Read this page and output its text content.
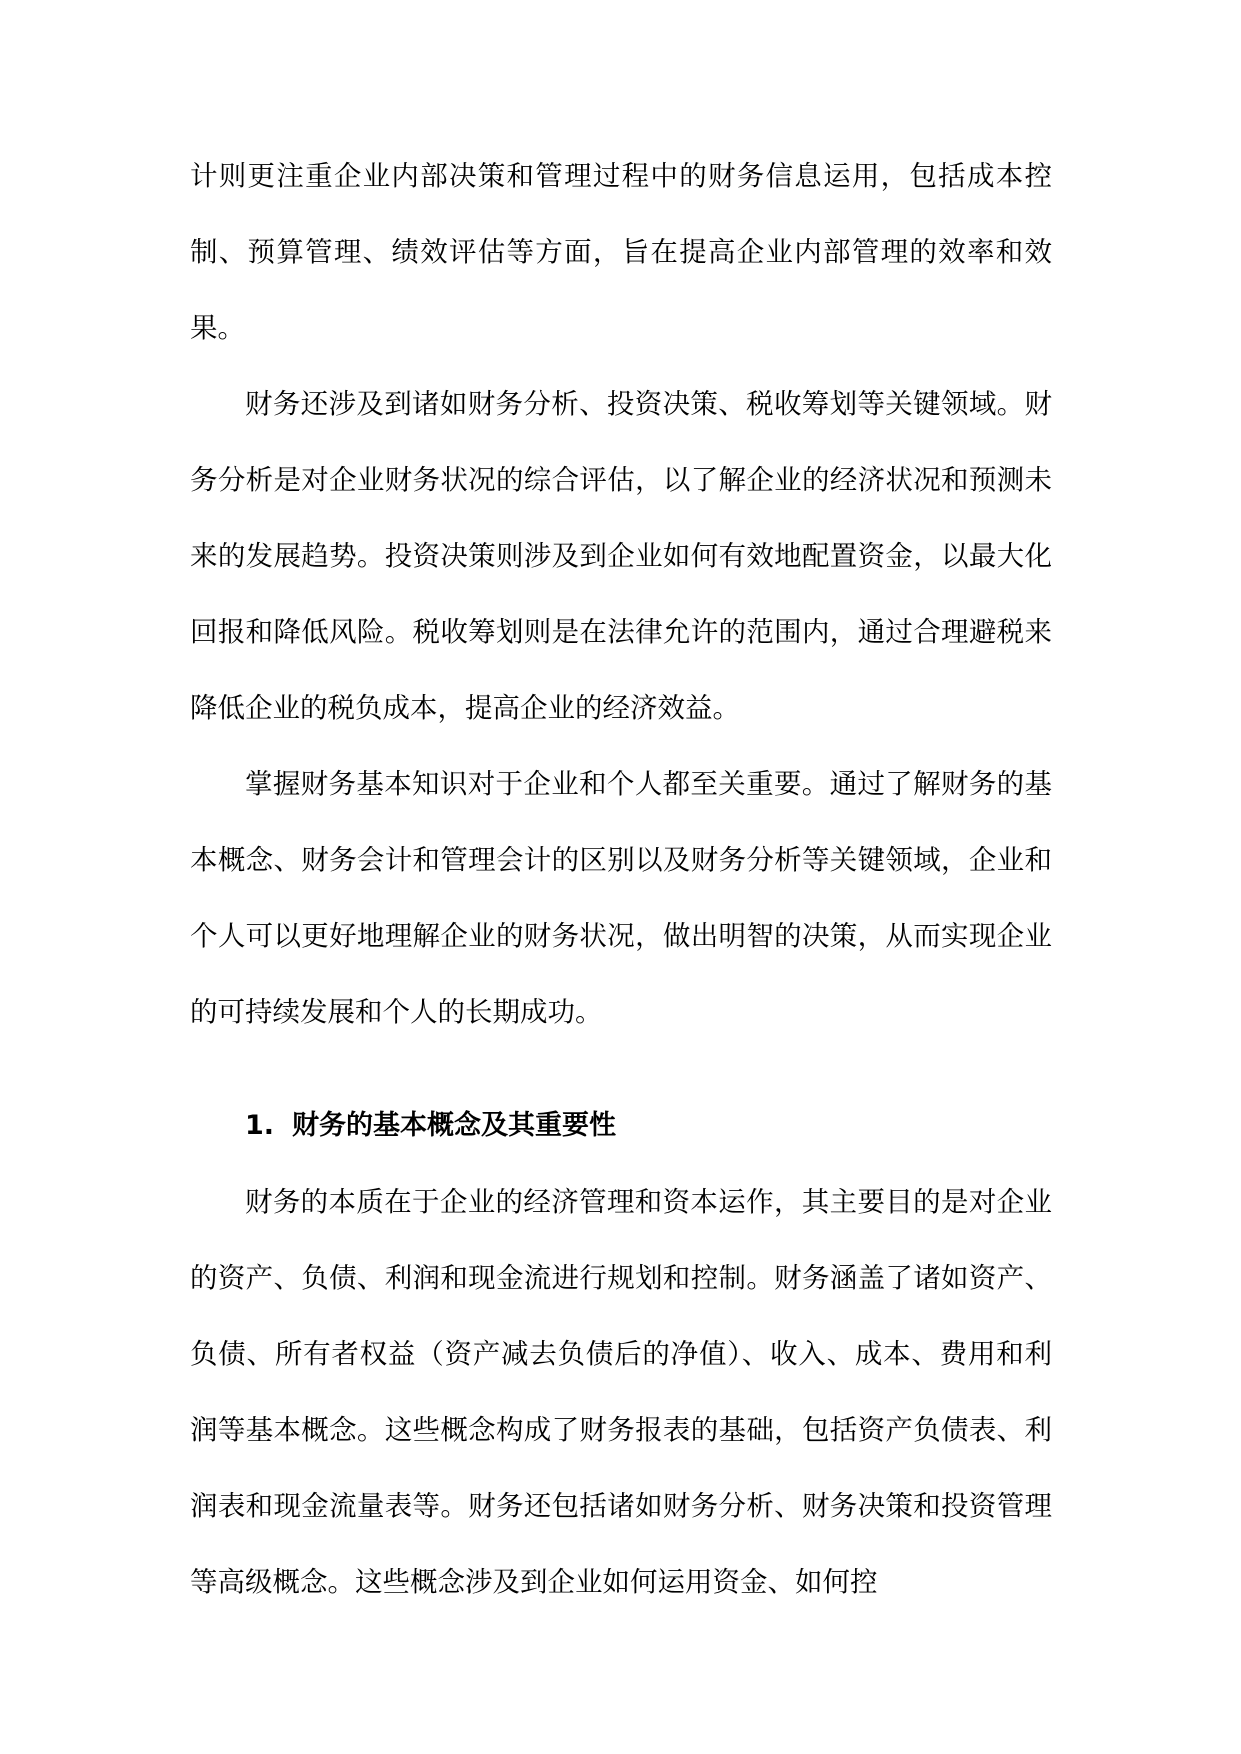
计则更注重企业内部决策和管理过程中的财务信息运用，包括成本控制、预算管理、绩效评估等方面，旨在提高企业内部管理的效率和效果。

财务还涉及到诸如财务分析、投资决策、税收筹划等关键领域。财务分析是对企业财务状况的综合评估，以了解企业的经济状况和预测未来的发展趋势。投资决策则涉及到企业如何有效地配置资金，以最大化回报和降低风险。税收筹划则是在法律允许的范围内，通过合理避税来降低企业的税负成本，提高企业的经济效益。

掌握财务基本知识对于企业和个人都至关重要。通过了解财务的基本概念、财务会计和管理会计的区别以及财务分析等关键领域，企业和个人可以更好地理解企业的财务状况，做出明智的决策，从而实现企业的可持续发展和个人的长期成功。

1. 财务的基本概念及其重要性

财务的本质在于企业的经济管理和资本运作，其主要目的是对企业的资产、负债、利润和现金流进行规划和控制。财务涵盖了诸如资产、负债、所有者权益（资产减去负债后的净值）、收入、成本、费用和利润等基本概念。这些概念构成了财务报表的基础，包括资产负债表、利润表和现金流量表等。财务还包括诸如财务分析、财务决策和投资管理等高级概念。这些概念涉及到企业如何运用资金、如何控
